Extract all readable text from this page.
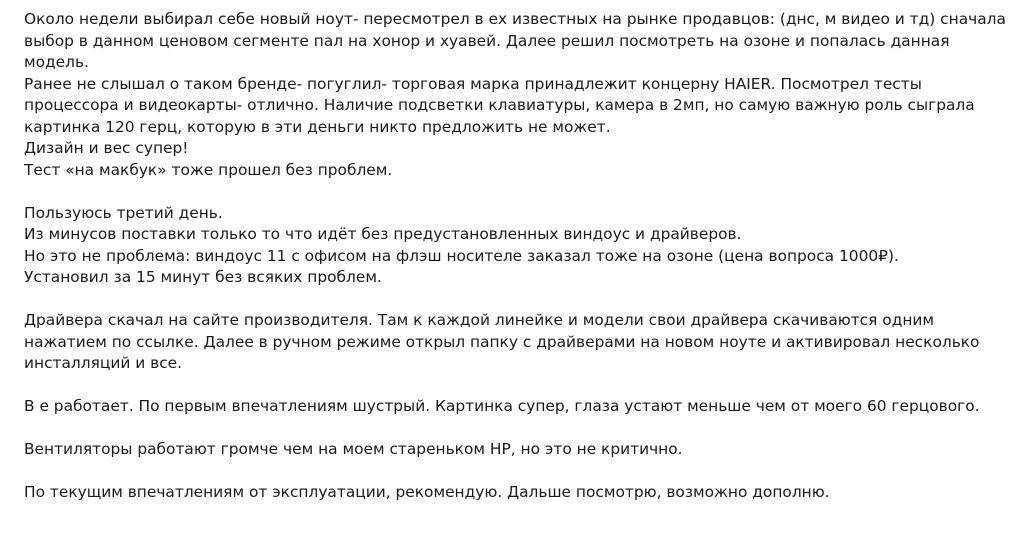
Около недели выбирал себе новый ноут- пересмотрел в ех известных на рынке продавцов: (днс, м видео и тд) сначала выбор в данном ценовом сегменте пал на хонор и хуавей. Далее решил посмотреть на озоне и попалась данная модель.
Ранее не слышал о таком бренде- погуглил- торговая марка принадлежит концерну HAIER. Посмотрел тесты процессора и видеокарты- отлично. Наличие подсветки клавиатуры, камера в 2мп, но самую важную роль сыграла картинка 120 герц, которую в эти деньги никто предложить не может.
Дизайн и вес супер!
Тест «на макбук» тоже прошел без проблем.

Пользуюсь третий день.
Из минусов поставки только то что идёт без предустановленных виндоус и драйверов.
Но это не проблема: виндоус 11 с офисом на флэш носителе заказал тоже на озоне (цена вопроса 1000₽).
Установил за 15 минут без всяких проблем.

Драйвера скачал на сайте производителя. Там к каждой линейке и модели свои драйвера скачиваются одним нажатием по ссылке. Далее в ручном режиме открыл папку с драйверами на новом ноуте и активировал несколько инсталляций и все.

В е работает. По первым впечатлениям шустрый. Картинка супер, глаза устают меньше чем от моего 60 герцового.

Вентиляторы работают громче чем на моем стареньком HP, но это не критично.

По текущим впечатлениям от эксплуатации, рекомендую. Дальше посмотрю, возможно дополню.
